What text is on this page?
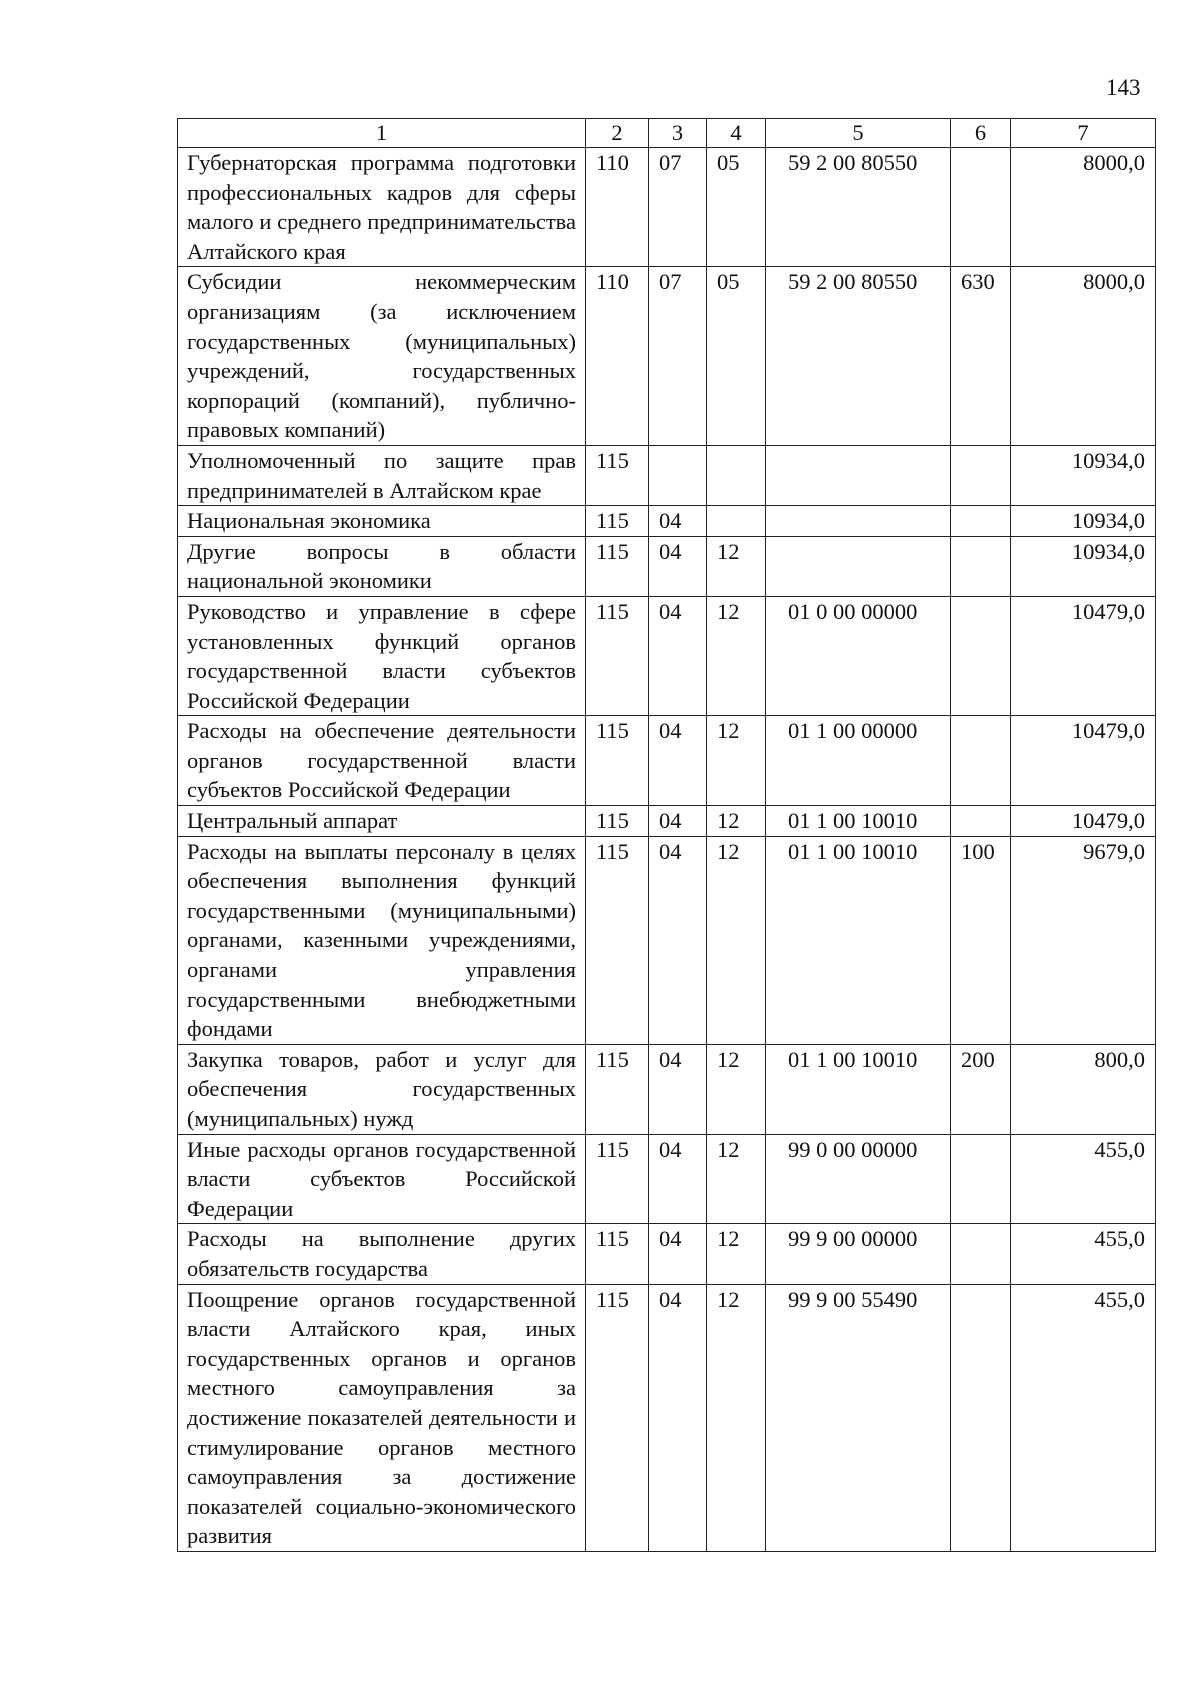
143
1	2	3	4	5	6	7
Губернаторская программа подготовки профессиональных кадров для сферы малого и среднего предпринимательства Алтайского края	110	07	05	59 2 00 80550		8000,0
Субсидии некоммерческим организациям (за исключением государственных (муниципальных) учреждений, государственных корпораций (компаний), публично-правовых компаний)	110	07	05	59 2 00 80550	630	8000,0
Уполномоченный по защите прав предпринимателей в Алтайском крае	115					10934,0
Национальная экономика	115	04				10934,0
Другие вопросы в области национальной экономики	115	04	12			10934,0
Руководство и управление в сфере установленных функций органов государственной власти субъектов Российской Федерации	115	04	12	01 0 00 00000		10479,0
Расходы на обеспечение деятельности органов государственной власти субъектов Российской Федерации	115	04	12	01 1 00 00000		10479,0
Центральный аппарат	115	04	12	01 1 00 10010		10479,0
Расходы на выплаты персоналу в целях обеспечения выполнения функций государственными (муниципальными) органами, казенными учреждениями, органами управления государственными внебюджетными фондами	115	04	12	01 1 00 10010	100	9679,0
Закупка товаров, работ и услуг для обеспечения государственных (муниципальных) нужд	115	04	12	01 1 00 10010	200	800,0
Иные расходы органов государственной власти субъектов Российской Федерации	115	04	12	99 0 00 00000		455,0
Расходы на выполнение других обязательств государства	115	04	12	99 9 00 00000		455,0
Поощрение органов государственной власти Алтайского края, иных государственных органов и органов местного самоуправления за достижение показателей деятельности и стимулирование органов местного самоуправления за достижение показателей социально-экономического развития	115	04	12	99 9 00 55490		455,0
